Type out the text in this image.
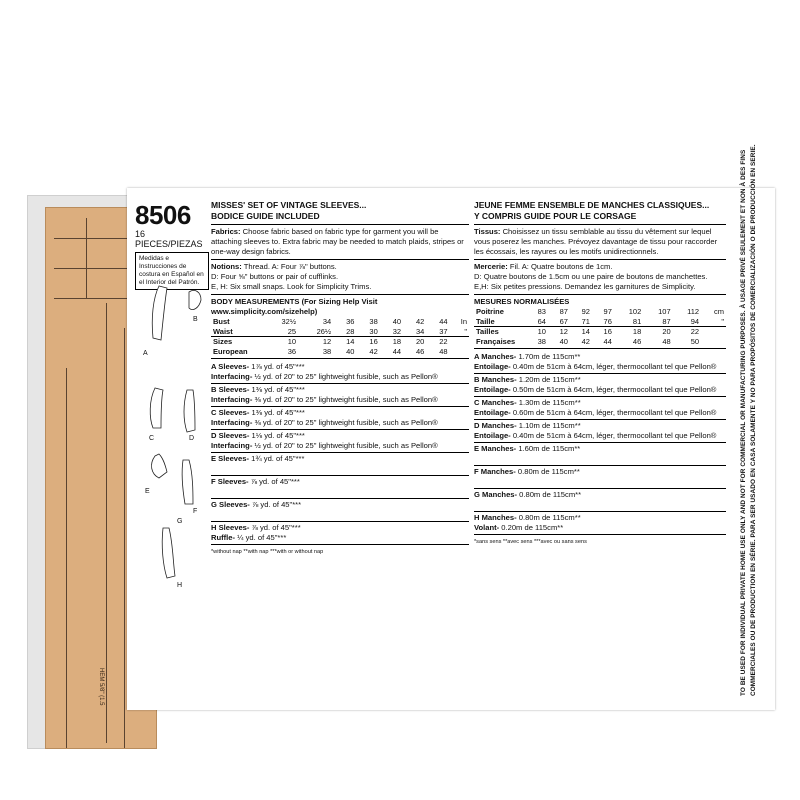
HEM 5/8" (1.5
8506
16 PIECES/PIEZAS
Medidas e Instrucciones de costura en Español en el Interior del Patrón.
A
B
C	D
E
F
G
H
MISSES' SET OF VINTAGE SLEEVES...
BODICE GUIDE INCLUDED
Fabrics: Choose fabric based on fabric type for garment you will be attaching sleeves to. Extra fabric may be needed to match plaids, stripes or one-way design fabrics.
Notions: Thread. A: Four ⅞" buttons.
D: Four ⅝" buttons or pair of cufflinks.
E, H: Six small snaps. Look for Simplicity Trims.
BODY MEASUREMENTS (For Sizing Help Visit www.simplicity.com/sizehelp)
Bust	32½	34	36	38	40	42	44	In
Waist	25	26½	28	30	32	34	37	"
Sizes	10	12	14	16	18	20	22	
European	36	38	40	42	44	46	48	
A Sleeves- 1⅞ yd. of 45"***
Interfacing- ½ yd. of 20" to 25" lightweight fusible, such as Pellon®
B Sleeves- 1⅜ yd. of 45"***
Interfacing- ⅜ yd. of 20" to 25" lightweight fusible, such as Pellon®
C Sleeves- 1⅜ yd. of 45"***
Interfacing- ⅜ yd. of 20" to 25" lightweight fusible, such as Pellon®
D Sleeves- 1⅛ yd. of 45"***
Interfacing- ½ yd. of 20" to 25" lightweight fusible, such as Pellon®
E Sleeves- 1¾ yd. of 45"***
F Sleeves- ⅞ yd. of 45"***
G Sleeves- ⅞ yd. of 45"***
H Sleeves- ⅞ yd. of 45"***
Ruffle- ¼ yd. of 45"***
*without nap **with nap ***with or without nap
JEUNE FEMME ENSEMBLE DE MANCHES CLASSIQUES...
Y COMPRIS GUIDE POUR LE CORSAGE
Tissus: Choisissez un tissu semblable au tissu du vêtement sur lequel vous poserez les manches. Prévoyez davantage de tissu pour raccorder les écossais, les rayures ou les motifs unidirectionnels.
Mercerie: Fil. A: Quatre boutons de 1cm.
D: Quatre boutons de 1.5cm ou une paire de boutons de manchettes.
E,H: Six petites pressions. Demandez les garnitures de Simplicity.
MESURES NORMALISÉES
Poitrine	83	87	92	97	102	107	112	cm
Taille	64	67	71	76	81	87	94	"
Tailles	10	12	14	16	18	20	22	
Françaises	38	40	42	44	46	48	50	
A Manches- 1.70m de 115cm**
Entoilage- 0.40m de 51cm à 64cm, léger, thermocollant tel que Pellon®
B Manches- 1.20m de 115cm**
Entoilage- 0.50m de 51cm à 64cm, léger, thermocollant tel que Pellon®
C Manches- 1.30m de 115cm**
Entoilage- 0.60m de 51cm à 64cm, léger, thermocollant tel que Pellon®
D Manches- 1.10m de 115cm**
Entoilage- 0.40m de 51cm à 64cm, léger, thermocollant tel que Pellon®
E Manches- 1.60m de 115cm**
F Manches- 0.80m de 115cm**
G Manches- 0.80m de 115cm**
H Manches- 0.80m de 115cm**
Volant- 0.20m de 115cm**
*sans sens **avec sens ***avec ou sans sens	TO BE USED FOR INDIVIDUAL PRIVATE HOME USE ONLY AND NOT FOR COMMERCIAL OR MANUFACTURING PURPOSES. À USAGE PRIVÉ SEULEMENT ET NON À DES FINS COMMERCIALES OU DE PRODUCTION EN SÉRIE. PARA SER USADO EN CASA SOLAMENTE Y NO PARA PROPÓSITOS DE COMERCIALIZACIÓN O DE PRODUCCIÓN EN SERIE.
